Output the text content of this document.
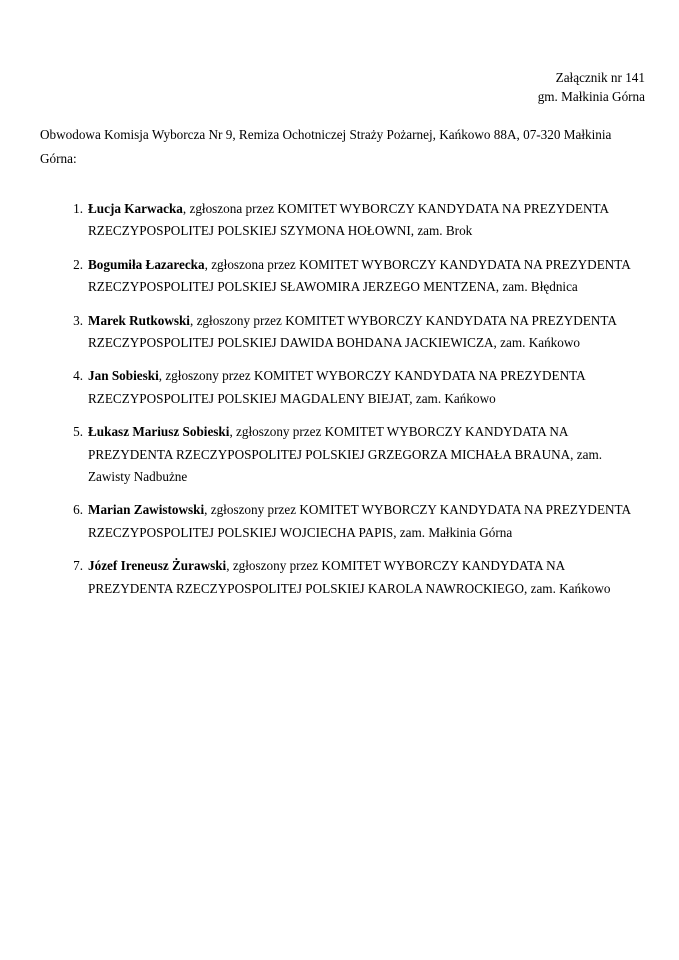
Załącznik nr 141
gm. Małkinia Górna
Obwodowa Komisja Wyborcza Nr 9, Remiza Ochotniczej Straży Pożarnej, Kańkowo 88A, 07-320 Małkinia Górna:
1. Łucja Karwacka, zgłoszona przez KOMITET WYBORCZY KANDYDATA NA PREZYDENTA RZECZYPOSPOLITEJ POLSKIEJ SZYMONA HOŁOWNI, zam. Brok
2. Bogumiła Łazarecka, zgłoszona przez KOMITET WYBORCZY KANDYDATA NA PREZYDENTA RZECZYPOSPOLITEJ POLSKIEJ SŁAWOMIRA JERZEGO MENTZENA, zam. Błędnica
3. Marek Rutkowski, zgłoszony przez KOMITET WYBORCZY KANDYDATA NA PREZYDENTA RZECZYPOSPOLITEJ POLSKIEJ DAWIDA BOHDANA JACKIEWICZA, zam. Kańkowo
4. Jan Sobieski, zgłoszony przez KOMITET WYBORCZY KANDYDATA NA PREZYDENTA RZECZYPOSPOLITEJ POLSKIEJ MAGDALENY BIEJAT, zam. Kańkowo
5. Łukasz Mariusz Sobieski, zgłoszony przez KOMITET WYBORCZY KANDYDATA NA PREZYDENTA RZECZYPOSPOLITEJ POLSKIEJ GRZEGORZA MICHAŁA BRAUNA, zam. Zawisty Nadbużne
6. Marian Zawistowski, zgłoszony przez KOMITET WYBORCZY KANDYDATA NA PREZYDENTA RZECZYPOSPOLITEJ POLSKIEJ WOJCIECHA PAPIS, zam. Małkinia Górna
7. Józef Ireneusz Żurawski, zgłoszony przez KOMITET WYBORCZY KANDYDATA NA PREZYDENTA RZECZYPOSPOLITEJ POLSKIEJ KAROLA NAWROCKIEGO, zam. Kańkowo
